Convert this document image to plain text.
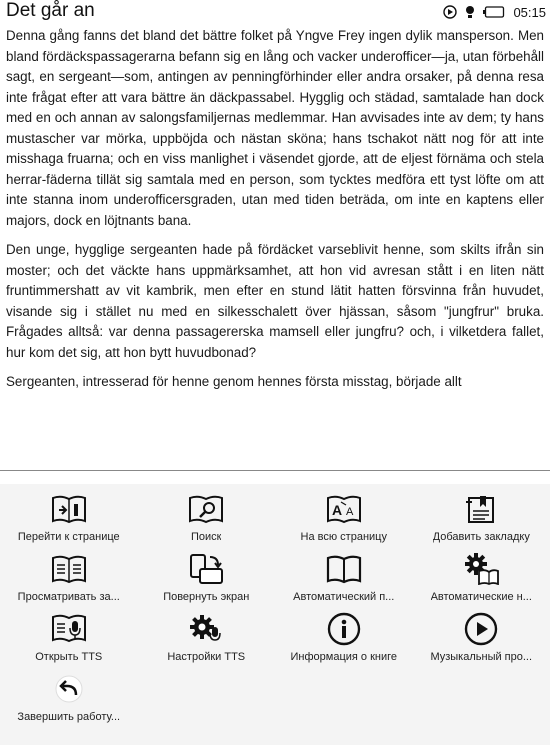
Det går an	05:15

Denna gång fanns det bland det bättre folket på Yngve Frey ingen dylik mansperson. Men bland fördäckspassagerarna befann sig en lång och vacker underofficer—ja, utan förbehåll sagt, en sergeant—som, antingen av penningförhinder eller andra orsaker, på denna resa inte frågat efter att vara bättre än däckpassabel. Hygglig och städad, samtalade han dock med en och annan av salongsfamiljernas medlemmar. Han avvisades inte av dem; ty hans mustascher var mörka, uppböjda och nästan sköna; hans tschakot nätt nog för att inte misshaga fruarna; och en viss manlighet i väsendet gjorde, att de eljest förnäma och stela herrar-fäderna tillät sig samtala med en person, som tycktes medföra ett tyst löfte om att inte stanna inom underofficersgraden, utan med tiden beträda, om inte en kaptens eller majors, dock en löjtnants bana.

Den unge, hygglige sergeanten hade på fördäcket varseblivit henne, som skilts ifrån sin moster; och det väckte hans uppmärksamhet, att hon vid avresan stått i en liten nätt fruntimmershatt av vit kambrik, men efter en stund lätit hatten försvinna från huvudet, visande sig i stället nu med en silkesschalett över hjässan, såsom "jungfrur" bruka. Frågades alltså: var denna passagererska mamsell eller jungfru? och, i vilketdera fallet, hur kom det sig, att hon bytt huvudbonad?

Sergeanten, intresserad för henne genom hennes första misstag, började allt

Перейти к странице	Поиск
A A
На всю страницу	Добавить закладку
Просматривать за...	Повернуть экран	Автоматический п...	Автоматические н...
Открыть TTS	Настройки TTS	Информация о книге	Музыкальный про...
Завершить работу...
